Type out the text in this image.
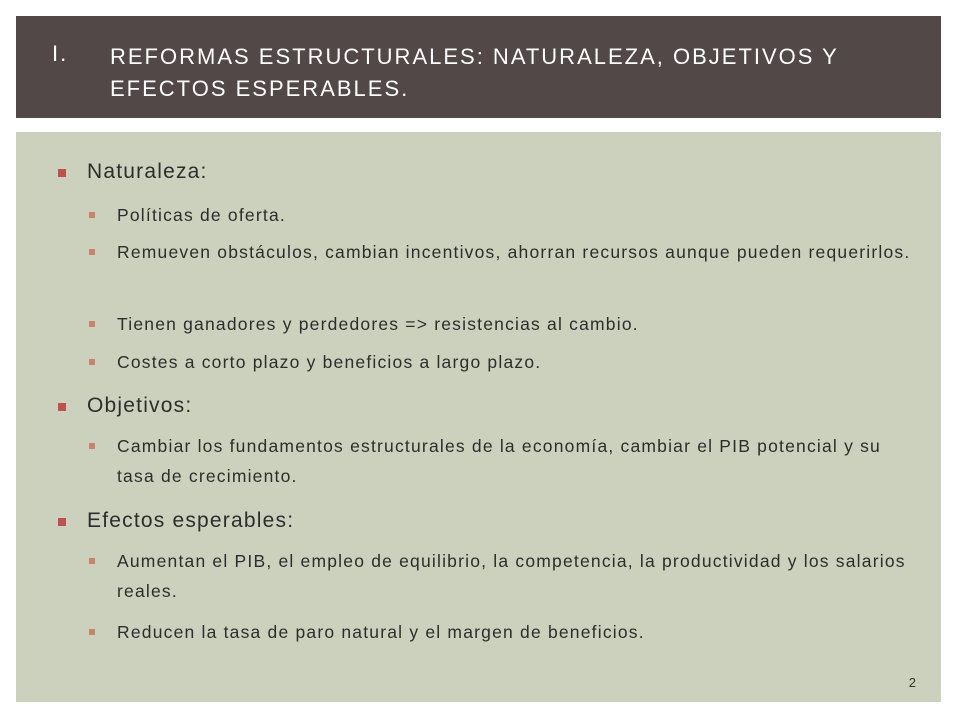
I. REFORMAS ESTRUCTURALES: NATURALEZA, OBJETIVOS Y EFECTOS ESPERABLES.
Naturaleza:
Políticas de oferta.
Remueven obstáculos, cambian incentivos, ahorran recursos aunque pueden requerirlos.
Tienen ganadores y perdedores => resistencias al cambio.
Costes a corto plazo y beneficios a largo plazo.
Objetivos:
Cambiar los fundamentos estructurales de la economía, cambiar el PIB potencial y su tasa de crecimiento.
Efectos esperables:
Aumentan el PIB, el empleo de equilibrio, la competencia, la productividad y los salarios reales.
Reducen la tasa de paro natural y el margen de beneficios.
2
